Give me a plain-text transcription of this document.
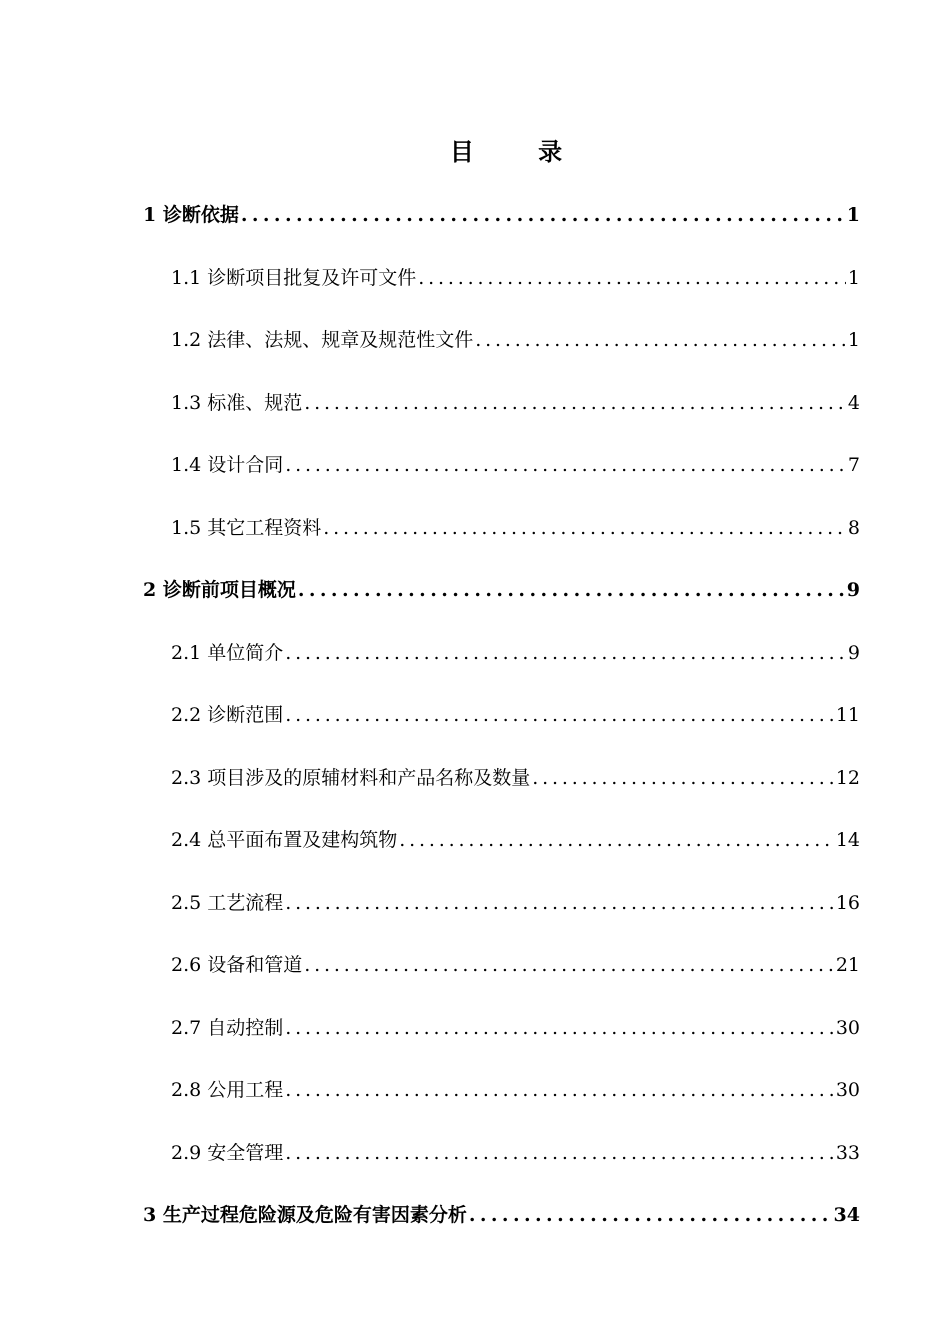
目 录
1 诊断依据 . . .	1
1.1 诊断项目批复及许可文件 . . .	1
1.2 法律、法规、规章及规范性文件 . . .	1
1.3 标准、规范 . . .	4
1.4 设计合同 . . .	7
1.5 其它工程资料 . . .	8
2 诊断前项目概况 . . .	9
2.1 单位简介 . . .	9
2.2 诊断范围 . . .	11
2.3 项目涉及的原辅材料和产品名称及数量 . . .	12
2.4 总平面布置及建构筑物 . . .	14
2.5 工艺流程 . . .	16
2.6 设备和管道 . . .	21
2.7 自动控制 . . .	30
2.8 公用工程 . . .	30
2.9 安全管理 . . .	33
3 生产过程危险源及危险有害因素分析 . . .	34
